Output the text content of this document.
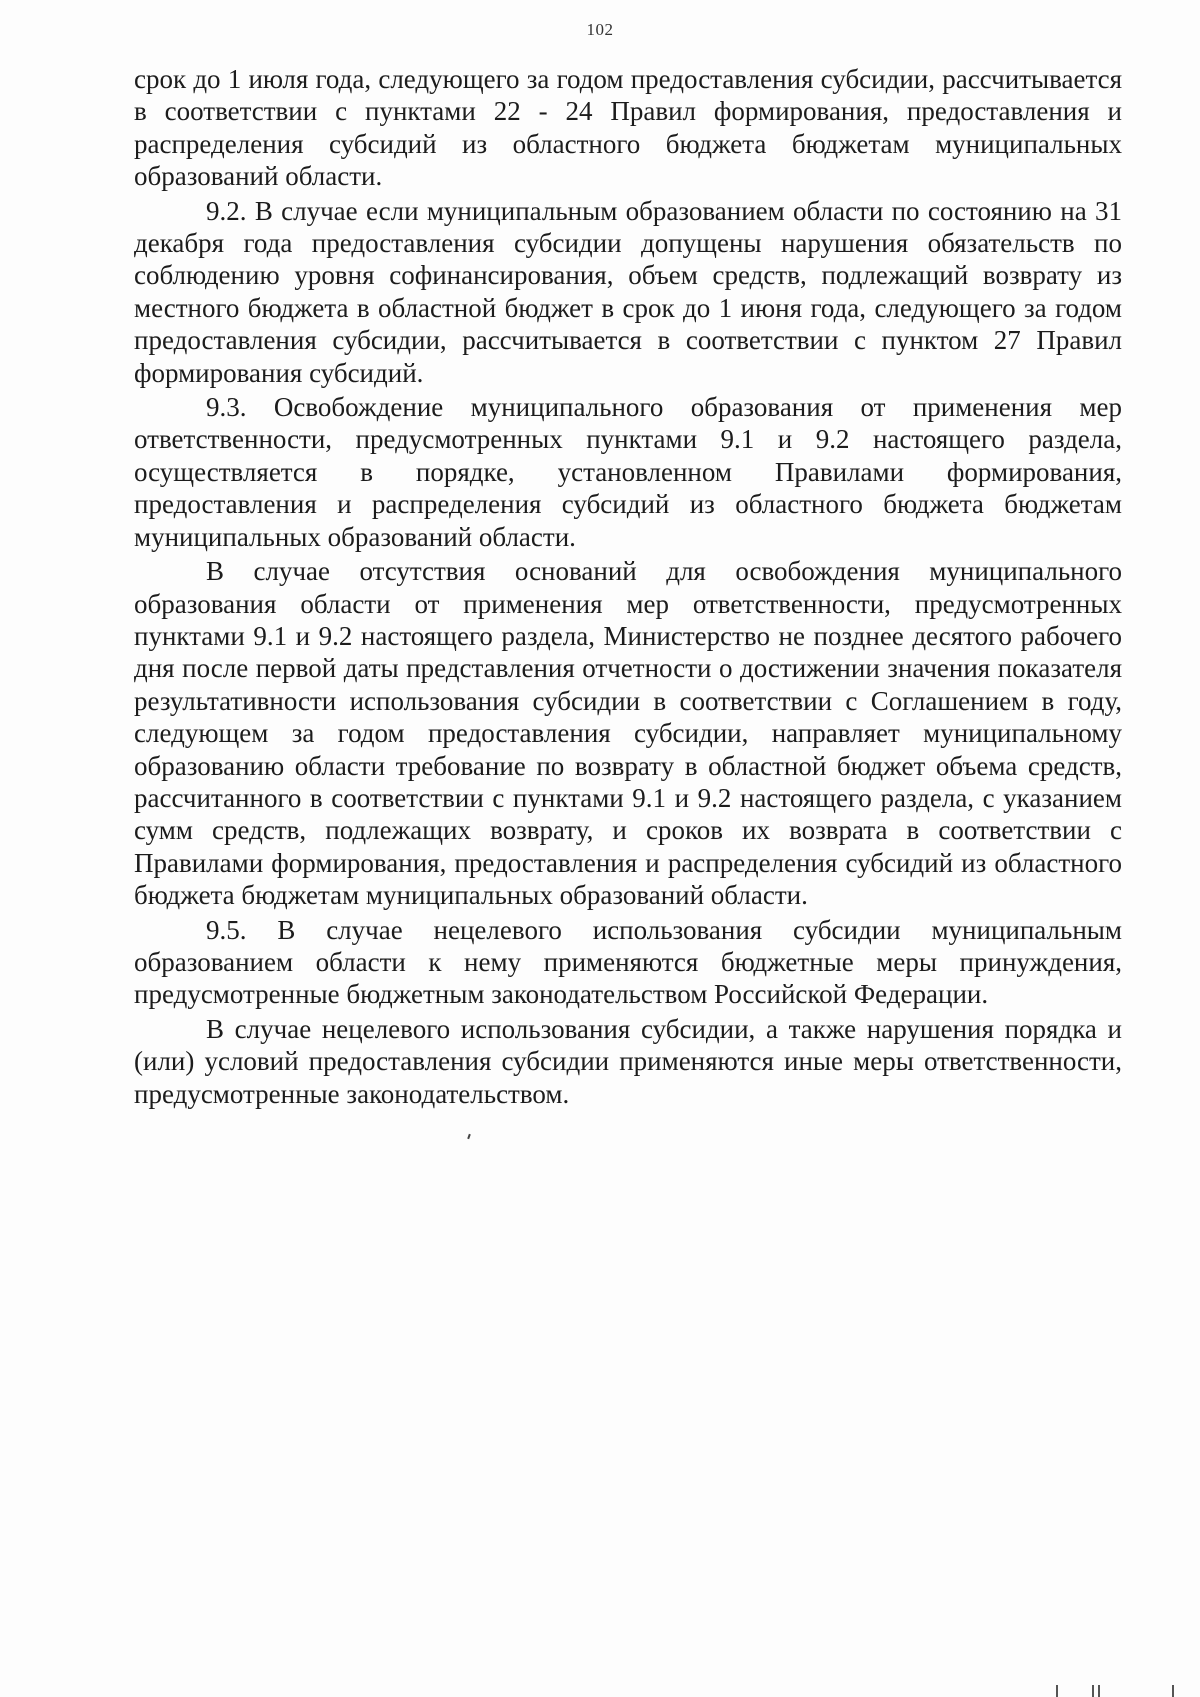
102

срок до 1 июля года, следующего за годом предоставления субсидии, рассчитывается в соответствии с пунктами 22 - 24 Правил формирования, предоставления и распределения субсидий из областного бюджета бюджетам муниципальных образований области.

9.2. В случае если муниципальным образованием области по состоянию на 31 декабря года предоставления субсидии допущены нарушения обязательств по соблюдению уровня софинансирования, объем средств, подлежащий возврату из местного бюджета в областной бюджет в срок до 1 июня года, следующего за годом предоставления субсидии, рассчитывается в соответствии с пунктом 27 Правил формирования субсидий.

9.3. Освобождение муниципального образования от применения мер ответственности, предусмотренных пунктами 9.1 и 9.2 настоящего раздела, осуществляется в порядке, установленном Правилами формирования, предоставления и распределения субсидий из областного бюджета бюджетам муниципальных образований области.

В случае отсутствия оснований для освобождения муниципального образования области от применения мер ответственности, предусмотренных пунктами 9.1 и 9.2 настоящего раздела, Министерство не позднее десятого рабочего дня после первой даты представления отчетности о достижении значения показателя результативности использования субсидии в соответствии с Соглашением в году, следующем за годом предоставления субсидии, направляет муниципальному образованию области требование по возврату в областной бюджет объема средств, рассчитанного в соответствии с пунктами 9.1 и 9.2 настоящего раздела, с указанием сумм средств, подлежащих возврату, и сроков их возврата в соответствии с Правилами формирования, предоставления и распределения субсидий из областного бюджета бюджетам муниципальных образований области.

9.5. В случае нецелевого использования субсидии муниципальным образованием области к нему применяются бюджетные меры принуждения, предусмотренные бюджетным законодательством Российской Федерации.

В случае нецелевого использования субсидии, а также нарушения порядка и (или) условий предоставления субсидии применяются иные меры ответственности, предусмотренные законодательством.
